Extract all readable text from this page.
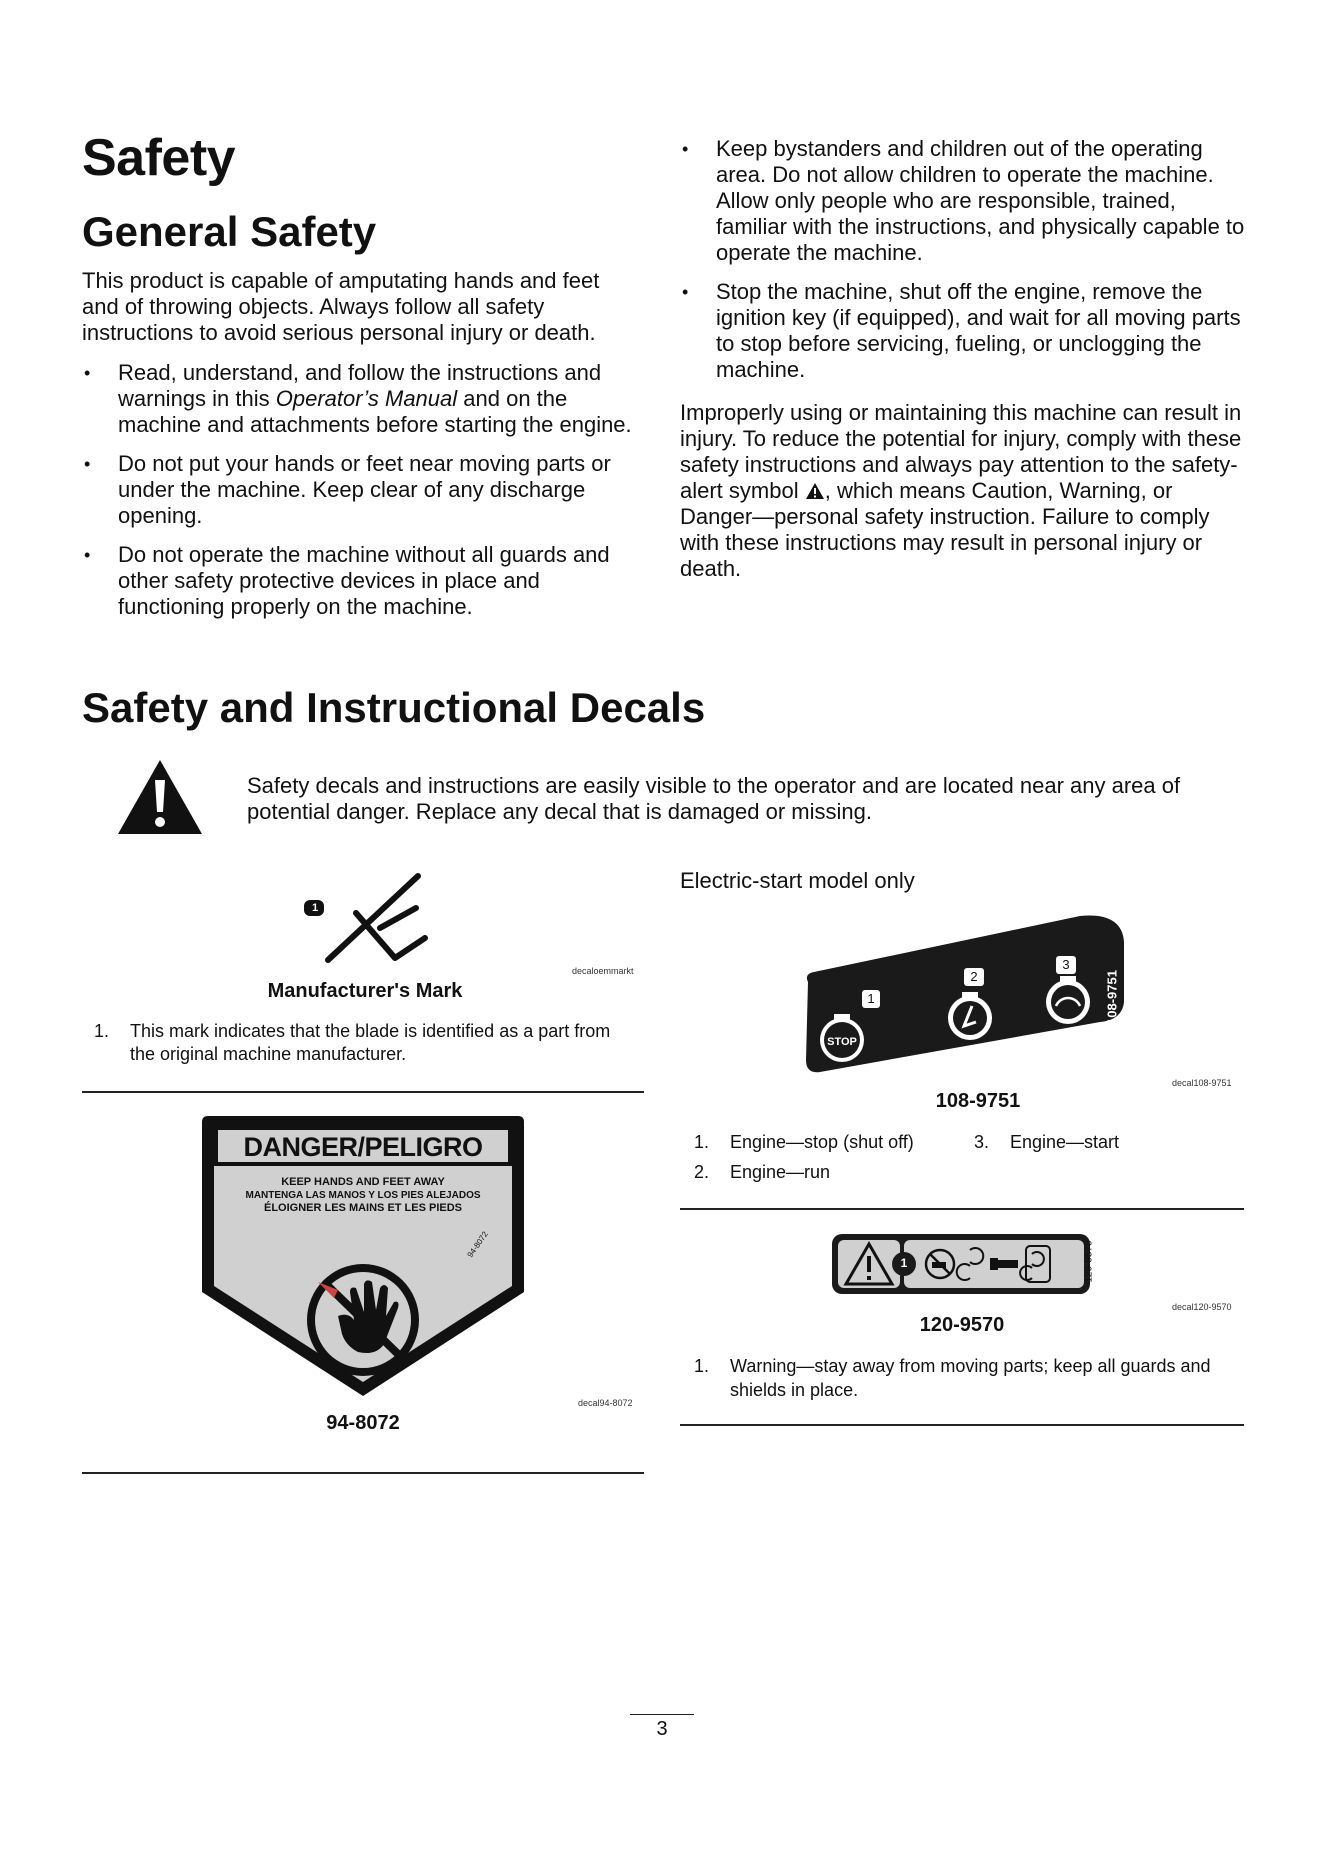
Safety
General Safety
This product is capable of amputating hands and feet and of throwing objects. Always follow all safety instructions to avoid serious personal injury or death.
• Read, understand, and follow the instructions and warnings in this Operator’s Manual and on the machine and attachments before starting the engine.
• Do not put your hands or feet near moving parts or under the machine. Keep clear of any discharge opening.
• Do not operate the machine without all guards and other safety protective devices in place and functioning properly on the machine.
• Keep bystanders and children out of the operating area. Do not allow children to operate the machine. Allow only people who are responsible, trained, familiar with the instructions, and physically capable to operate the machine.
• Stop the machine, shut off the engine, remove the ignition key (if equipped), and wait for all moving parts to stop before servicing, fueling, or unclogging the machine.
Improperly using or maintaining this machine can result in injury. To reduce the potential for injury, comply with these safety instructions and always pay attention to the safety-alert symbol , which means Caution, Warning, or Danger—personal safety instruction. Failure to comply with these instructions may result in personal injury or death.
Safety and Instructional Decals
Safety decals and instructions are easily visible to the operator and are located near any area of potential danger. Replace any decal that is damaged or missing.
1
decaloemmarkt
Manufacturer's Mark
1.	This mark indicates that the blade is identified as a part from the original machine manufacturer.
DANGER/PELIGRO
KEEP HANDS AND FEET AWAY
MANTENGA LAS MANOS Y LOS PIES ALEJADOS
ÉLOIGNER LES MAINS ET LES PIEDS
94-8072
decal94-8072
94-8072
Electric-start model only
STOP
1
2
3
108-9751
decal108-9751
108-9751
1.	Engine—stop (shut off)	3.	Engine—start
2.	Engine—run
1	120-9570
decal120-9570
120-9570
1.	Warning—stay away from moving parts; keep all guards and shields in place.
3
